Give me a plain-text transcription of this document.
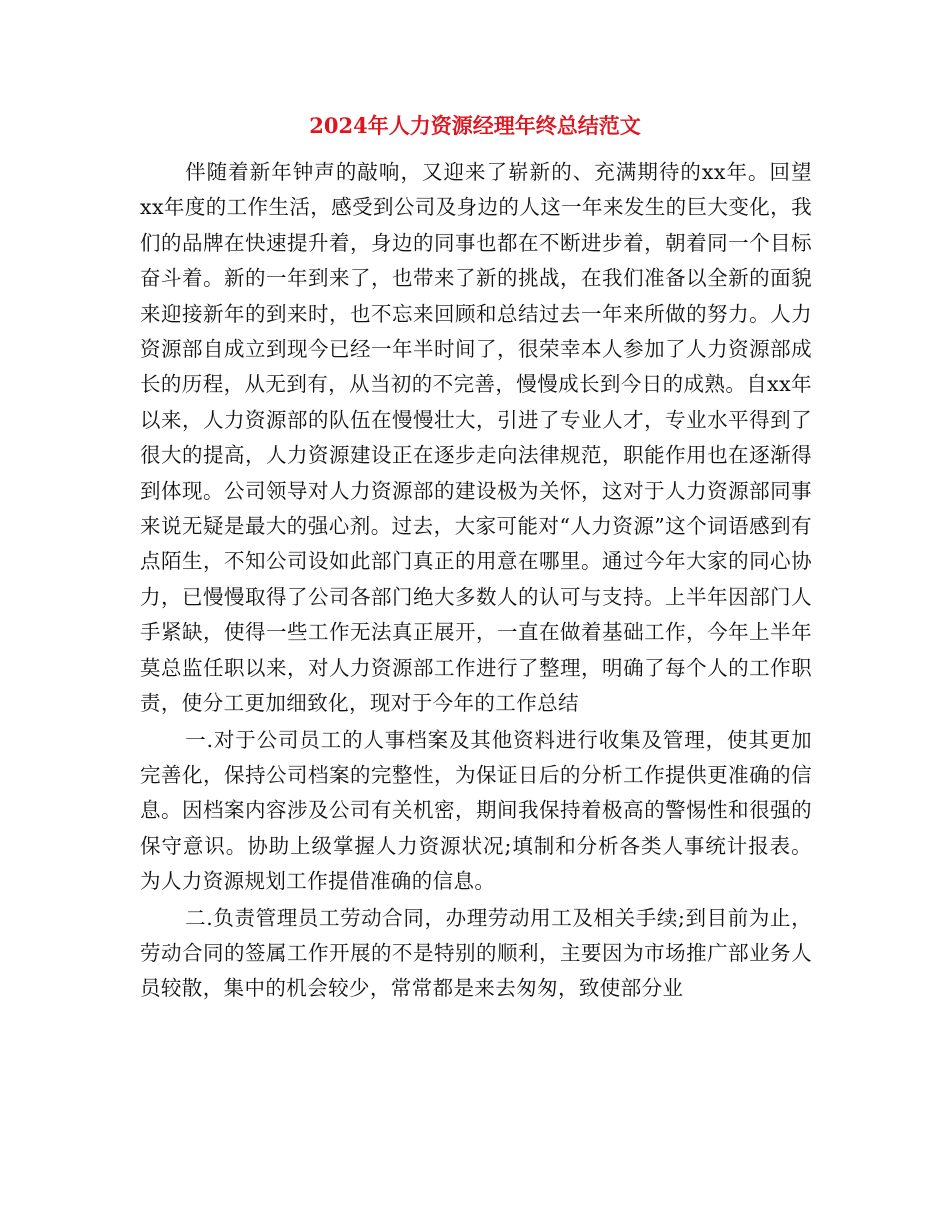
2024年人力资源经理年终总结范文

伴随着新年钟声的敲响，又迎来了崭新的、充满期待的xx年。回望xx年度的工作生活，感受到公司及身边的人这一年来发生的巨大变化，我们的品牌在快速提升着，身边的同事也都在不断进步着，朝着同一个目标奋斗着。新的一年到来了，也带来了新的挑战，在我们准备以全新的面貌来迎接新年的到来时，也不忘来回顾和总结过去一年来所做的努力。人力资源部自成立到现今已经一年半时间了，很荣幸本人参加了人力资源部成长的历程，从无到有，从当初的不完善，慢慢成长到今日的成熟。自xx年以来，人力资源部的队伍在慢慢壮大，引进了专业人才，专业水平得到了很大的提高，人力资源建设正在逐步走向法律规范，职能作用也在逐渐得到体现。公司领导对人力资源部的建设极为关怀，这对于人力资源部同事来说无疑是最大的强心剂。过去，大家可能对“人力资源”这个词语感到有点陌生，不知公司设如此部门真正的用意在哪里。通过今年大家的同心协力，已慢慢取得了公司各部门绝大多数人的认可与支持。上半年因部门人手紧缺，使得一些工作无法真正展开，一直在做着基础工作，今年上半年莫总监任职以来，对人力资源部工作进行了整理，明确了每个人的工作职责，使分工更加细致化，现对于今年的工作总结

一.对于公司员工的人事档案及其他资料进行收集及管理，使其更加完善化，保持公司档案的完整性，为保证日后的分析工作提供更准确的信息。因档案内容涉及公司有关机密，期间我保持着极高的警惕性和很强的保守意识。协助上级掌握人力资源状况;填制和分析各类人事统计报表。为人力资源规划工作提借准确的信息。

二.负责管理员工劳动合同，办理劳动用工及相关手续;到目前为止，劳动合同的签属工作开展的不是特别的顺利，主要因为市场推广部业务人员较散，集中的机会较少，常常都是来去匆匆，致使部分业
